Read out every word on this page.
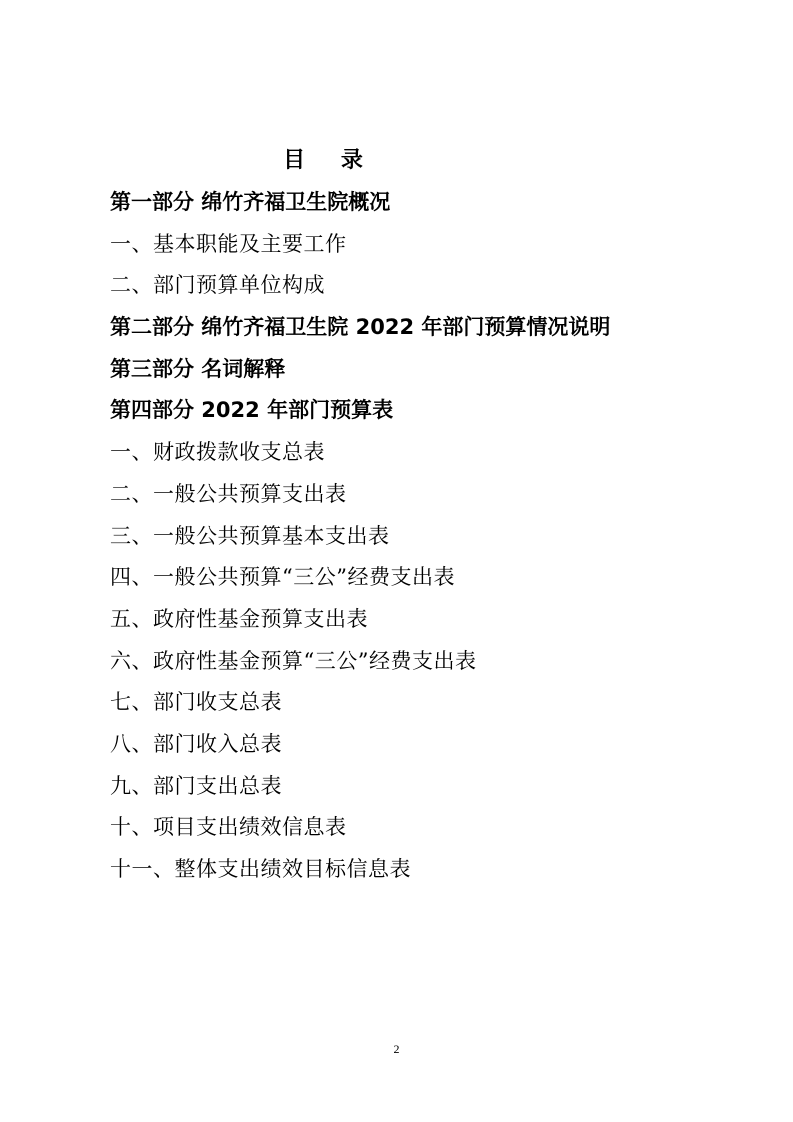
目 录
第一部分 绵竹齐福卫生院概况
一、基本职能及主要工作
二、部门预算单位构成
第二部分 绵竹齐福卫生院 2022 年部门预算情况说明
第三部分 名词解释
第四部分 2022 年部门预算表
一、财政拨款收支总表
二、一般公共预算支出表
三、一般公共预算基本支出表
四、一般公共预算“三公”经费支出表
五、政府性基金预算支出表
六、政府性基金预算“三公”经费支出表
七、部门收支总表
八、部门收入总表
九、部门支出总表
十、项目支出绩效信息表
十一、整体支出绩效目标信息表
2
